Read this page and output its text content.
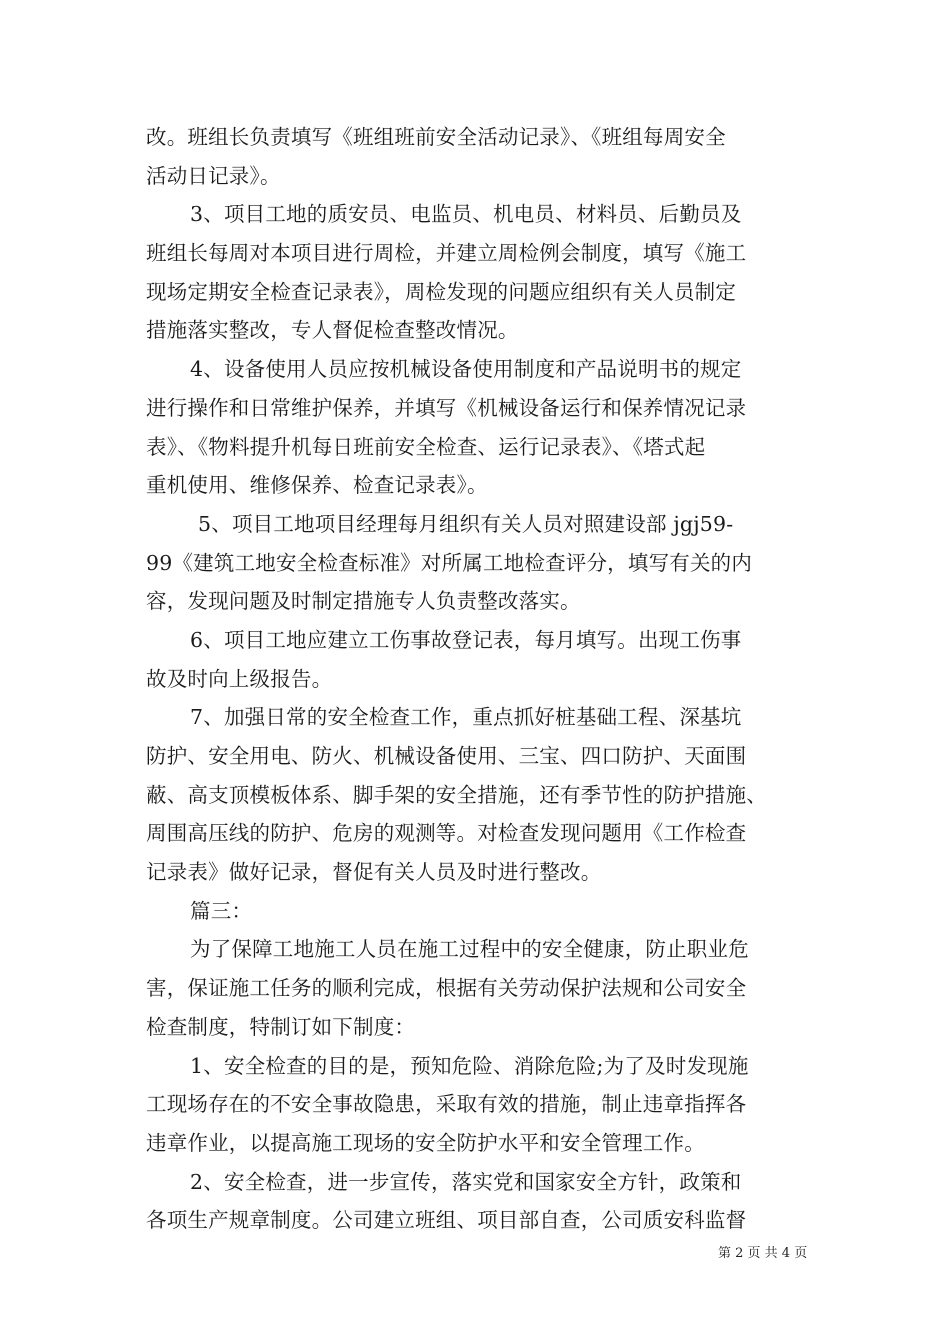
改。班组长负责填写《班组班前安全活动记录》、《班组每周安全
活动日记录》。
3、项目工地的质安员、电监员、机电员、材料员、后勤员及
班组长每周对本项目进行周检，并建立周检例会制度，填写《施工
现场定期安全检查记录表》，周检发现的问题应组织有关人员制定
措施落实整改，专人督促检查整改情况。
4、设备使用人员应按机械设备使用制度和产品说明书的规定
进行操作和日常维护保养，并填写《机械设备运行和保养情况记录
表》、《物料提升机每日班前安全检查、运行记录表》、《塔式起
重机使用、维修保养、检查记录表》。
5、项目工地项目经理每月组织有关人员对照建设部 jgj59-
99《建筑工地安全检查标准》对所属工地检查评分，填写有关的内
容，发现问题及时制定措施专人负责整改落实。
6、项目工地应建立工伤事故登记表，每月填写。出现工伤事
故及时向上级报告。
7、加强日常的安全检查工作，重点抓好桩基础工程、深基坑
防护、安全用电、防火、机械设备使用、三宝、四口防护、天面围
蔽、高支顶模板体系、脚手架的安全措施，还有季节性的防护措施、
周围高压线的防护、危房的观测等。对检查发现问题用《工作检查
记录表》做好记录，督促有关人员及时进行整改。
篇三：
为了保障工地施工人员在施工过程中的安全健康，防止职业危
害，保证施工任务的顺利完成，根据有关劳动保护法规和公司安全
检查制度，特制订如下制度：
1、安全检查的目的是，预知危险、消除危险;为了及时发现施
工现场存在的不安全事故隐患，采取有效的措施，制止违章指挥各
违章作业，以提高施工现场的安全防护水平和安全管理工作。
2、安全检查，进一步宣传，落实党和国家安全方针，政策和
各项生产规章制度。公司建立班组、项目部自查，公司质安科监督
第 2 页 共 4 页
